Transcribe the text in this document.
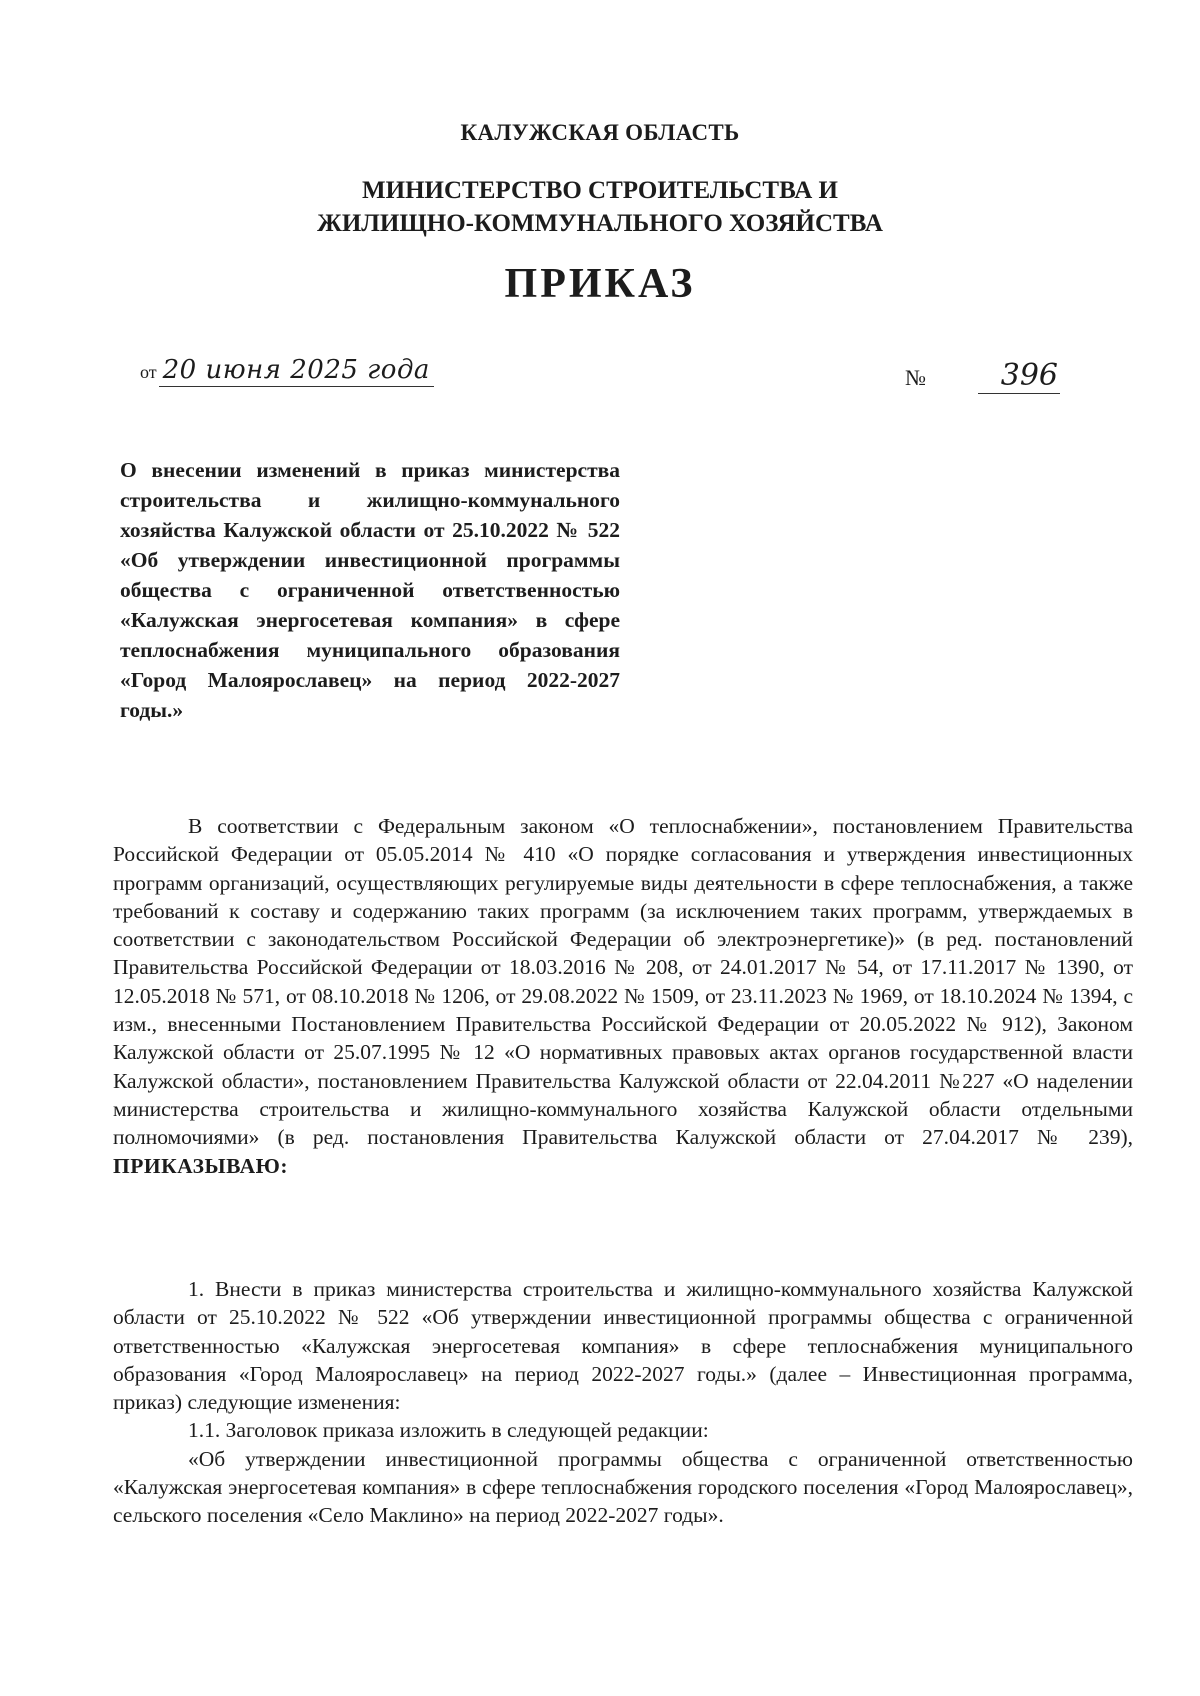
КАЛУЖСКАЯ ОБЛАСТЬ
МИНИСТЕРСТВО СТРОИТЕЛЬСТВА И
ЖИЛИЩНО-КОММУНАЛЬНОГО ХОЗЯЙСТВА
ПРИКАЗ
от 20 июня 2025 года	№ 396
О внесении изменений в приказ министерства строительства и жилищно-коммунального хозяйства Калужской области от 25.10.2022 № 522 «Об утверждении инвестиционной программы общества с ограниченной ответственностью «Калужская энергосетевая компания» в сфере теплоснабжения муниципального образования «Город Малоярославец» на период 2022-2027 годы.»

В соответствии с Федеральным законом «О теплоснабжении», постановлением Правительства Российской Федерации от 05.05.2014 № 410 «О порядке согласования и утверждения инвестиционных программ организаций, осуществляющих регулируемые виды деятельности в сфере теплоснабжения, а также требований к составу и содержанию таких программ (за исключением таких программ, утверждаемых в соответствии с законодательством Российской Федерации об электроэнергетике)» (в ред. постановлений Правительства Российской Федерации от 18.03.2016 № 208, от 24.01.2017 № 54, от 17.11.2017 № 1390, от 12.05.2018 № 571, от 08.10.2018 № 1206, от 29.08.2022 № 1509, от 23.11.2023 № 1969, от 18.10.2024 № 1394, с изм., внесенными Постановлением Правительства Российской Федерации от 20.05.2022 № 912), Законом Калужской области от 25.07.1995 № 12 «О нормативных правовых актах органов государственной власти Калужской области», постановлением Правительства Калужской области от 22.04.2011 №227 «О наделении министерства строительства и жилищно-коммунального хозяйства Калужской области отдельными полномочиями» (в ред. постановления Правительства Калужской области от 27.04.2017 № 239), ПРИКАЗЫВАЮ:

1. Внести в приказ министерства строительства и жилищно-коммунального хозяйства Калужской области от 25.10.2022 № 522 «Об утверждении инвестиционной программы общества с ограниченной ответственностью «Калужская энергосетевая компания» в сфере теплоснабжения муниципального образования «Город Малоярославец» на период 2022-2027 годы.» (далее – Инвестиционная программа, приказ) следующие изменения:

1.1. Заголовок приказа изложить в следующей редакции:

«Об утверждении инвестиционной программы общества с ограниченной ответственностью «Калужская энергосетевая компания» в сфере теплоснабжения городского поселения «Город Малоярославец», сельского поселения «Село Маклино» на период 2022-2027 годы».
